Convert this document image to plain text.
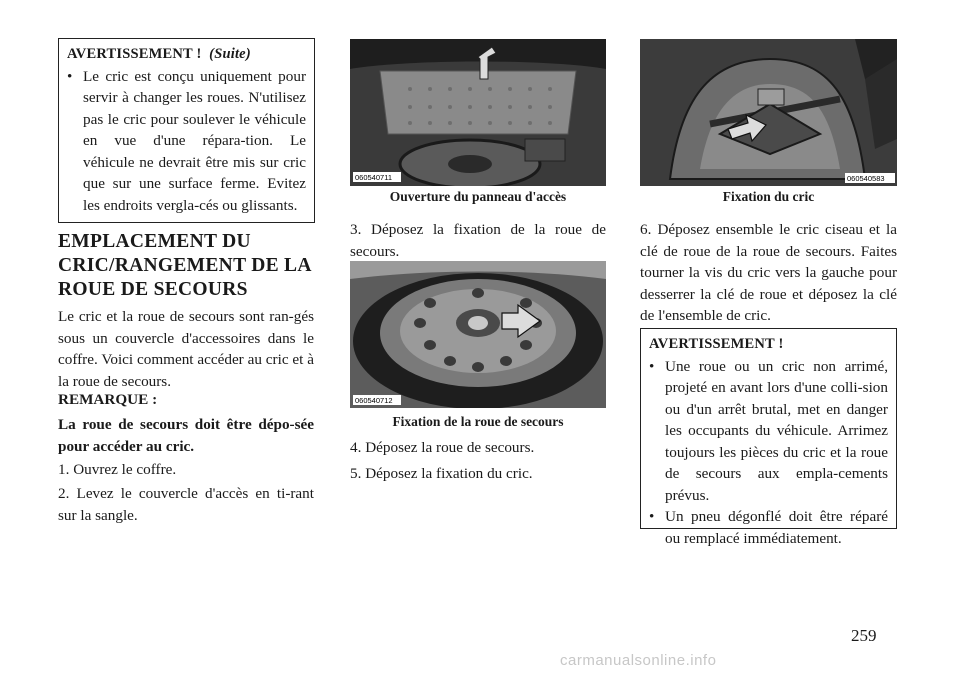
AVERTISSEMENT ! (Suite)
• Le cric est conçu uniquement pour servir à changer les roues. N'utilisez pas le cric pour soulever le véhicule en vue d'une répara-tion. Le véhicule ne devrait être mis sur cric que sur une surface ferme. Evitez les endroits vergla-cés ou glissants.
EMPLACEMENT DU CRIC/RANGEMENT DE LA ROUE DE SECOURS

Le cric et la roue de secours sont ran-gés sous un couvercle d'accessoires dans le coffre. Voici comment accéder au cric et à la roue de secours.

REMARQUE :

La roue de secours doit être dépo-sée pour accéder au cric.

1. Ouvrez le coffre.

2. Levez le couvercle d'accès en ti-rant sur la sangle.

060540711
Ouverture du panneau d'accès

3. Déposez la fixation de la roue de secours.

060540712
Fixation de la roue de secours

4. Déposez la roue de secours.

5. Déposez la fixation du cric.

060540583
Fixation du cric

6. Déposez ensemble le cric ciseau et la clé de roue de la roue de secours. Faites tourner la vis du cric vers la gauche pour desserrer la clé de roue et déposez la clé de l'ensemble de cric.

AVERTISSEMENT !
• Une roue ou un cric non arrimé, projeté en avant lors d'une colli-sion ou d'un arrêt brutal, met en danger les occupants du véhicule. Arrimez toujours les pièces du cric et la roue de secours aux empla-cements prévus.
• Un pneu dégonflé doit être réparé ou remplacé immédiatement.
259
carmanualsonline.info
